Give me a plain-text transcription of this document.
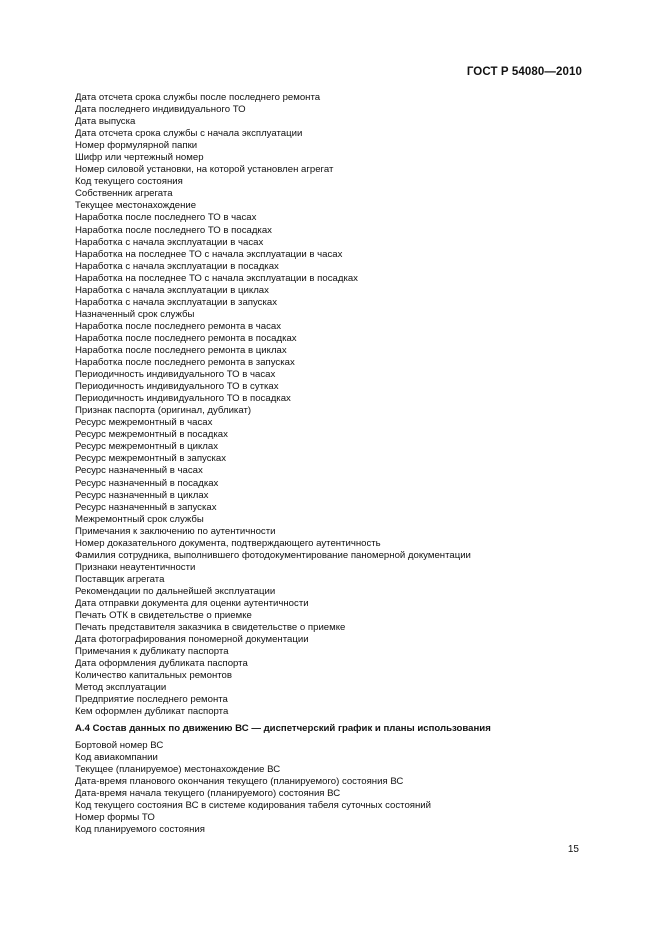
ГОСТ Р 54080—2010
Дата отсчета срока службы после последнего ремонта
Дата последнего индивидуального ТО
Дата выпуска
Дата отсчета срока службы с начала эксплуатации
Номер формулярной папки
Шифр или чертежный номер
Номер силовой установки, на которой установлен агрегат
Код текущего состояния
Собственник агрегата
Текущее местонахождение
Наработка после последнего ТО в часах
Наработка после последнего ТО в посадках
Наработка с начала эксплуатации в часах
Наработка на последнее ТО с начала эксплуатации в часах
Наработка с начала эксплуатации в посадках
Наработка на последнее ТО с начала эксплуатации в посадках
Наработка с начала эксплуатации в циклах
Наработка с начала эксплуатации в запусках
Назначенный срок службы
Наработка после последнего ремонта в часах
Наработка после последнего ремонта в посадках
Наработка после последнего ремонта в циклах
Наработка после последнего ремонта в запусках
Периодичность индивидуального ТО в часах
Периодичность индивидуального ТО в сутках
Периодичность индивидуального ТО в посадках
Признак паспорта (оригинал, дубликат)
Ресурс межремонтный в часах
Ресурс межремонтный в посадках
Ресурс межремонтный в циклах
Ресурс межремонтный в запусках
Ресурс назначенный в часах
Ресурс назначенный в посадках
Ресурс назначенный в циклах
Ресурс назначенный в запусках
Межремонтный срок службы
Примечания к заключению по аутентичности
Номер доказательного документа, подтверждающего аутентичность
Фамилия сотрудника, выполнившего фотодокументирование паномерной документации
Признаки неаутентичности
Поставщик агрегата
Рекомендации по дальнейшей эксплуатации
Дата отправки документа для оценки аутентичности
Печать ОТК в свидетельстве о приемке
Печать представителя заказчика в свидетельстве о приемке
Дата фотографирования пономерной документации
Примечания к дубликату паспорта
Дата оформления дубликата паспорта
Количество капитальных ремонтов
Метод эксплуатации
Предприятие последнего ремонта
Кем оформлен дубликат паспорта
А.4 Состав данных по движению ВС — диспетчерский график и планы использования
Бортовой номер ВС
Код авиакомпании
Текущее (планируемое) местонахождение ВС
Дата-время планового окончания текущего (планируемого) состояния ВС
Дата-время начала текущего (планируемого) состояния ВС
Код текущего состояния ВС в системе кодирования табеля суточных состояний
Номер формы ТО
Код планируемого состояния
15
